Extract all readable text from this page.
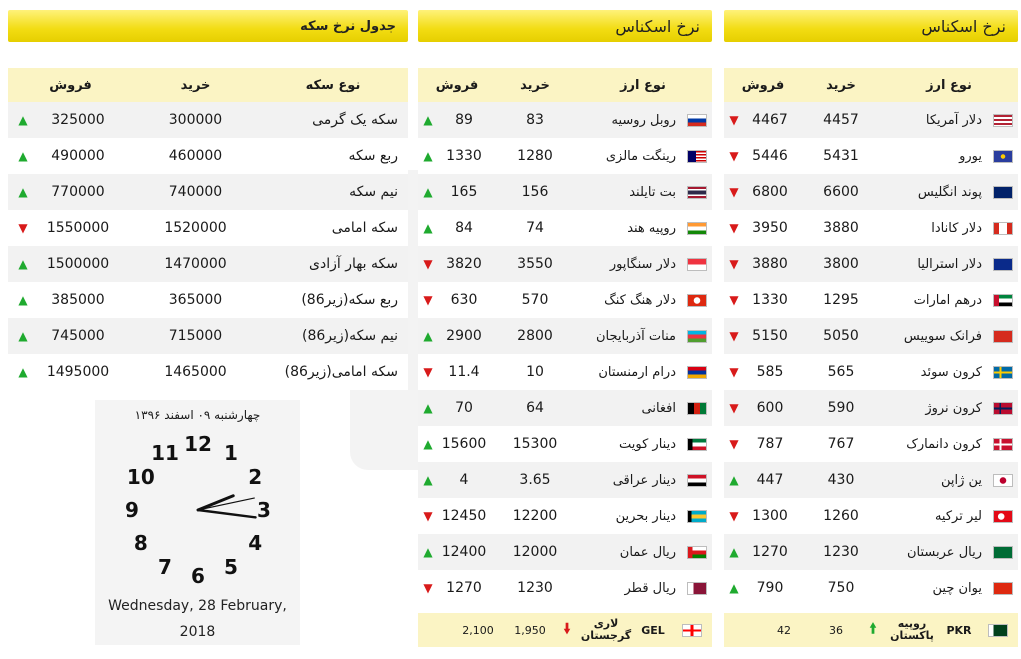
جدول نرخ سکه
نوع سکه
خرید
فروش
سکه یک گرمی
300000
325000
▲
ربع سکه
460000
490000
▲
نیم سکه
740000
770000
▲
سکه امامی
1520000
1550000
▼
سکه بهار آزادی
1470000
1500000
▲
ربع سکه(زیر86)
365000
385000
▲
نیم سکه(زیر86)
715000
745000
▲
سکه امامی(زیر86)
1465000
1495000
▲
نرخ اسکناس
نوع ارز
خرید
فروش
روبل روسیه
83
89
▲
رینگت مالزی
1280
1330
▲
بت تایلند
156
165
▲
روپیه هند
74
84
▲
دلار سنگاپور
3550
3820
▼
دلار هنگ کنگ
570
630
▼
منات آذربایجان
2800
2900
▲
درام ارمنستان
10
11.4
▼
افغانی
64
70
▲
دینار کویت
15300
15600
▲
دینار عراقی
3.65
4
▲
دینار بحرین
12200
12450
▼
ریال عمان
12000
12400
▲
ریال قطر
1230
1270
▼
نرخ اسکناس
نوع ارز
خرید
فروش
دلار آمریکا
4457
4467
▼
یورو
5431
5446
▼
پوند انگلیس
6600
6800
▼
دلار کانادا
3880
3950
▼
دلار استرالیا
3800
3880
▼
درهم امارات
1295
1330
▼
فرانک سوییس
5050
5150
▼
کرون سوئد
565
585
▼
کرون نروژ
590
600
▼
کرون دانمارک
767
787
▼
ین ژاپن
430
447
▲
لیر ترکیه
1260
1300
▼
ریال عربستان
1230
1270
▲
یوان چین
750
790
▲
GEL
لاری
گرجستان
🠛
1,950
2,100	PKR
روپیه
پاکستان
🠙
36
42
چهارشنبه ۰۹ اسفند ۱۳۹۶
1
2
3
4
5
6
7
8
9
10
11 12
Wednesday, 28 February,
2018
